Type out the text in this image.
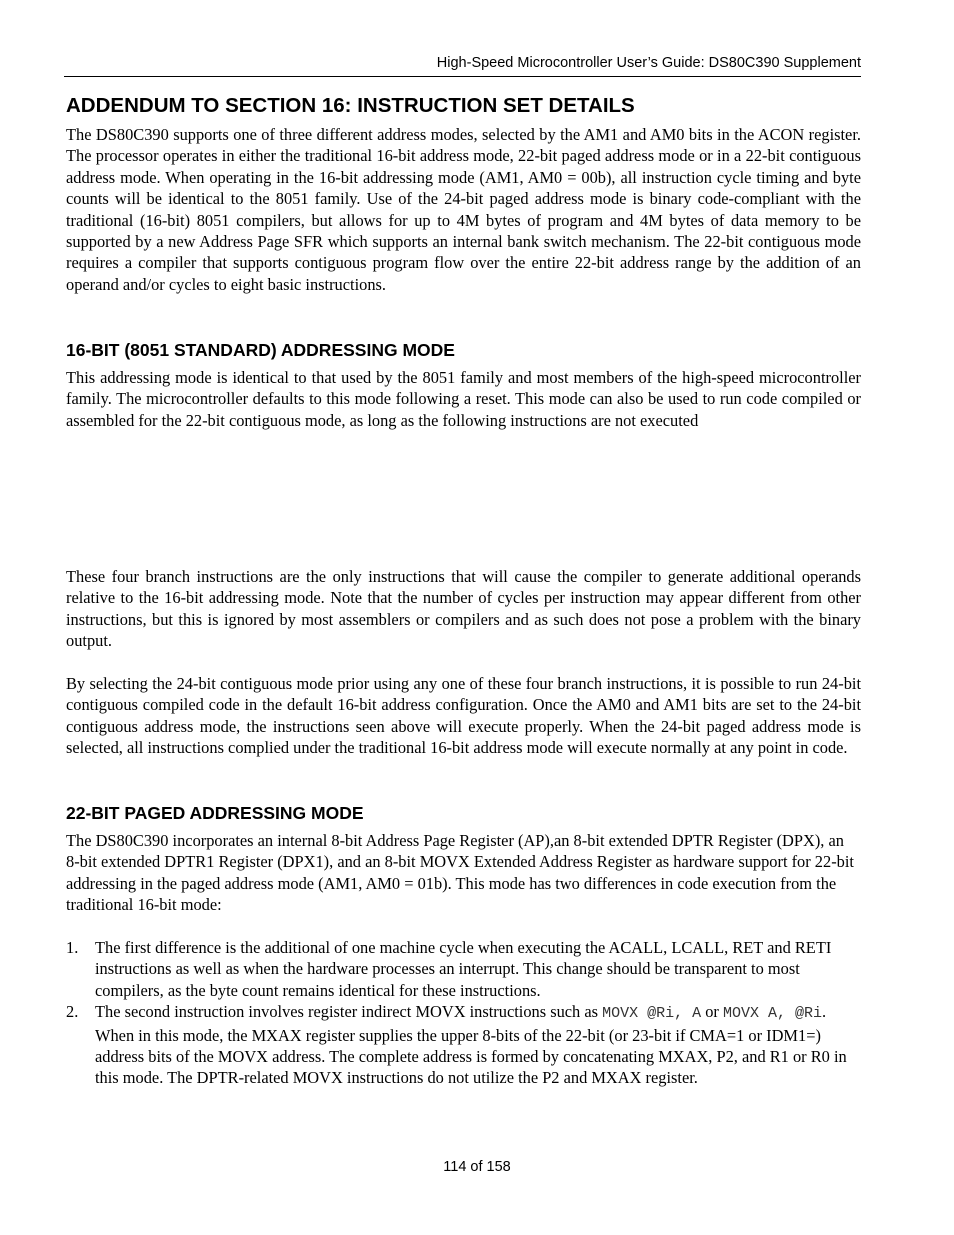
High-Speed Microcontroller User’s Guide: DS80C390 Supplement
ADDENDUM TO SECTION 16: INSTRUCTION SET DETAILS

The DS80C390 supports one of three different address modes, selected by the AM1 and AM0 bits in the ACON register. The processor operates in either the traditional 16-bit address mode, 22-bit paged address mode or in a 22-bit contiguous address mode. When operating in the 16-bit addressing mode (AM1, AM0 = 00b), all instruction cycle timing and byte counts will be identical to the 8051 family. Use of the 24-bit paged address mode is binary code-compliant with the traditional (16-bit) 8051 compilers, but allows for up to 4M bytes of program and 4M bytes of data memory to be supported by a new Address Page SFR which supports an internal bank switch mechanism. The 22-bit contiguous mode requires a compiler that supports contiguous program flow over the entire 22-bit address range by the addition of an operand and/or cycles to eight basic instructions.

16-BIT (8051 STANDARD) ADDRESSING MODE

This addressing mode is identical to that used by the 8051 family and most members of the high-speed microcontroller family. The microcontroller defaults to this mode following a reset. This mode can also be used to run code compiled or assembled for the 22-bit contiguous mode, as long as the following instructions are not executed

These four branch instructions are the only instructions that will cause the compiler to generate additional operands relative to the 16-bit addressing mode. Note that the number of cycles per instruction may appear different from other instructions, but this is ignored by most assemblers or compilers and as such does not pose a problem with the binary output.

By selecting the 24-bit contiguous mode prior using any one of these four branch instructions, it is possible to run 24-bit contiguous compiled code in the default 16-bit address configuration. Once the AM0 and AM1 bits are set to the 24-bit contiguous address mode, the instructions seen above will execute properly. When the 24-bit paged address mode is selected, all instructions complied under the traditional 16-bit address mode will execute normally at any point in code.

22-BIT PAGED ADDRESSING MODE

The DS80C390 incorporates an internal 8-bit Address Page Register (AP),an 8-bit extended DPTR Register (DPX), an 8-bit extended DPTR1 Register (DPX1), and an 8-bit MOVX Extended Address Register as hardware support for 22-bit addressing in the paged address mode (AM1, AM0 = 01b). This mode has two differences in code execution from the traditional 16-bit mode:

1. The first difference is the additional of one machine cycle when executing the ACALL, LCALL, RET and RETI instructions as well as when the hardware processes an interrupt. This change should be transparent to most compilers, as the byte count remains identical for these instructions.
2. The second instruction involves register indirect MOVX instructions such as MOVX @Ri, A or MOVX A, @Ri. When in this mode, the MXAX register supplies the upper 8-bits of the 22-bit (or 23-bit if CMA=1 or IDM1=) address bits of the MOVX address. The complete address is formed by concatenating MXAX, P2, and R1 or R0 in this mode. The DPTR-related MOVX instructions do not utilize the P2 and MXAX register.
114 of 158
